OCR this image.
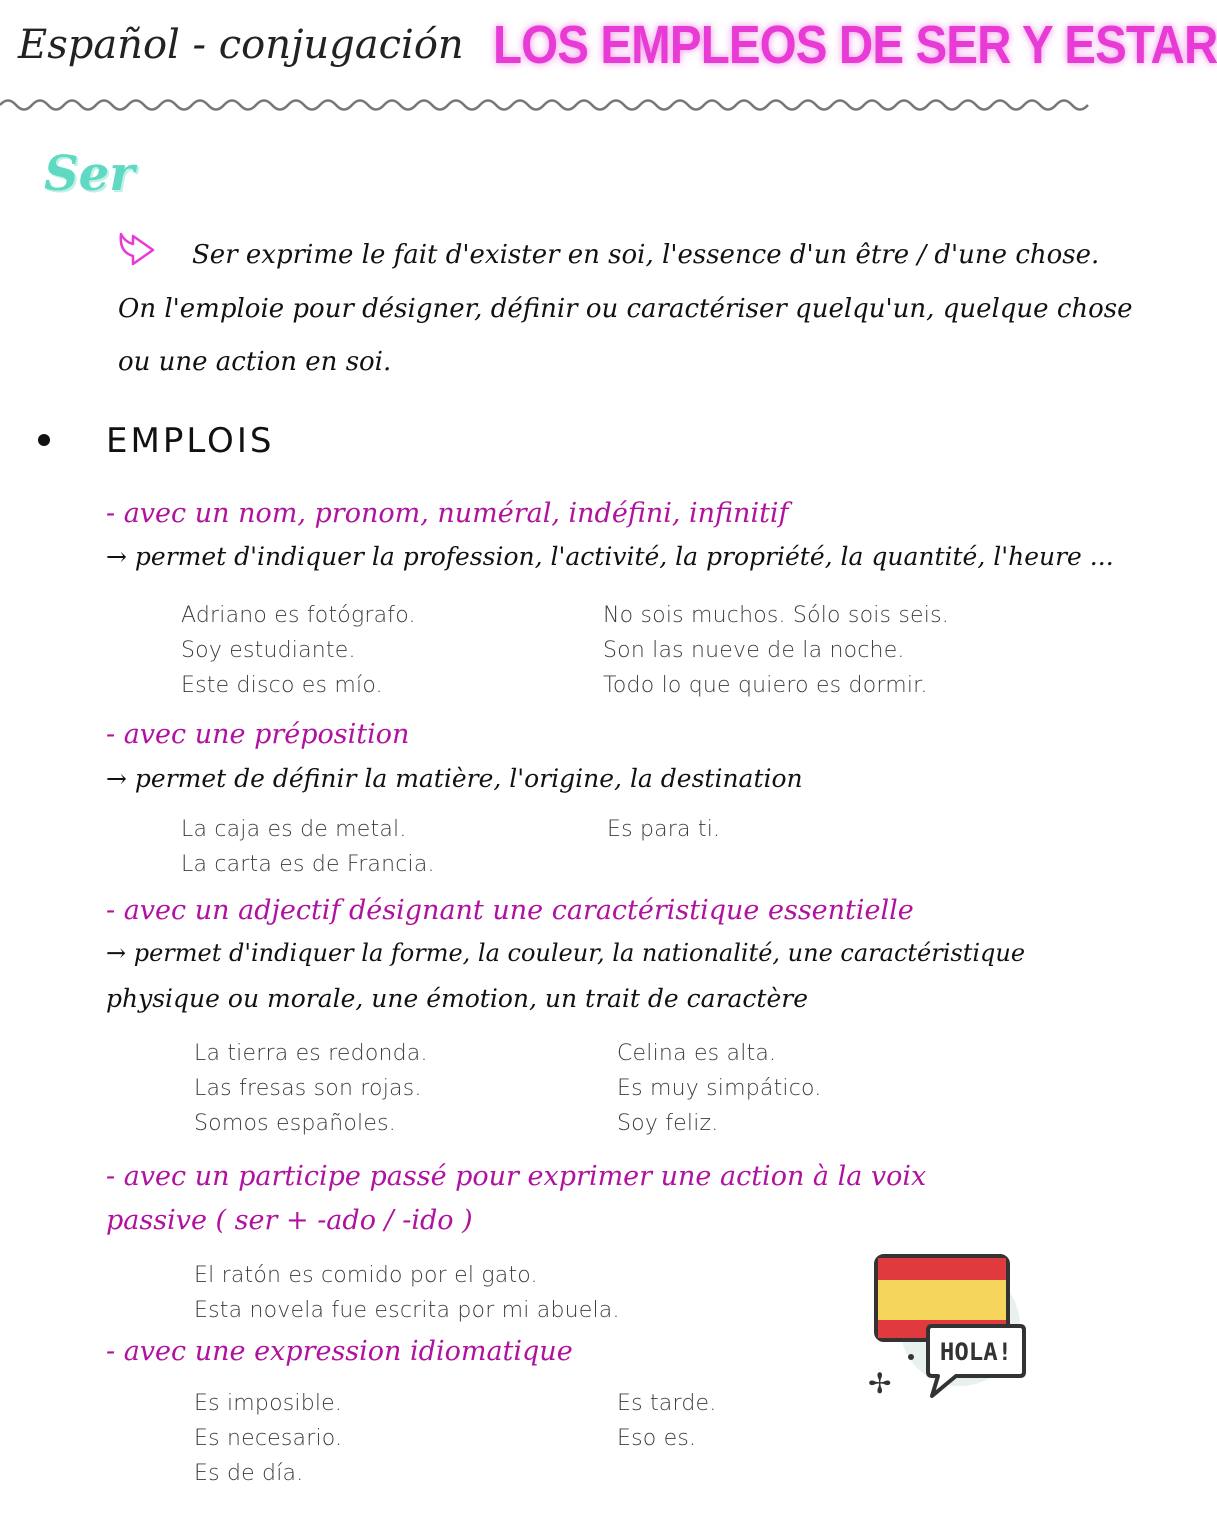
Español - conjugación LOS EMPLEOS DE SER Y ESTAR
Ser
Ser exprime le fait d'exister en soi, l'essence d'un être / d'une chose.
On l'emploie pour désigner, définir ou caractériser quelqu'un, quelque chose
ou une action en soi.
EMPLOIS
- avec un nom, pronom, numéral, indéfini, infinitif
→ permet d'indiquer la profession, l'activité, la propriété, la quantité, l'heure ...
Adriano es fotógrafo.
Soy estudiante.
Este disco es mío.
No sois muchos. Sólo sois seis.
Son las nueve de la noche.
Todo lo que quiero es dormir.
- avec une préposition
→ permet de définir la matière, l'origine, la destination
La caja es de metal.
La carta es de Francia.
Es para ti.
- avec un adjectif désignant une caractéristique essentielle
→ permet d'indiquer la forme, la couleur, la nationalité, une caractéristique
physique ou morale, une émotion, un trait de caractère
La tierra es redonda.
Las fresas son rojas.
Somos españoles.
Celina es alta.
Es muy simpático.
Soy feliz.
- avec un participe passé pour exprimer une action à la voix
passive ( ser + -ado / -ido )
El ratón es comido por el gato.
Esta novela fue escrita por mi abuela.
- avec une expression idiomatique
Es imposible.
Es necesario.
Es de día.
Es tarde.
Eso es.
HOLA!
✢
